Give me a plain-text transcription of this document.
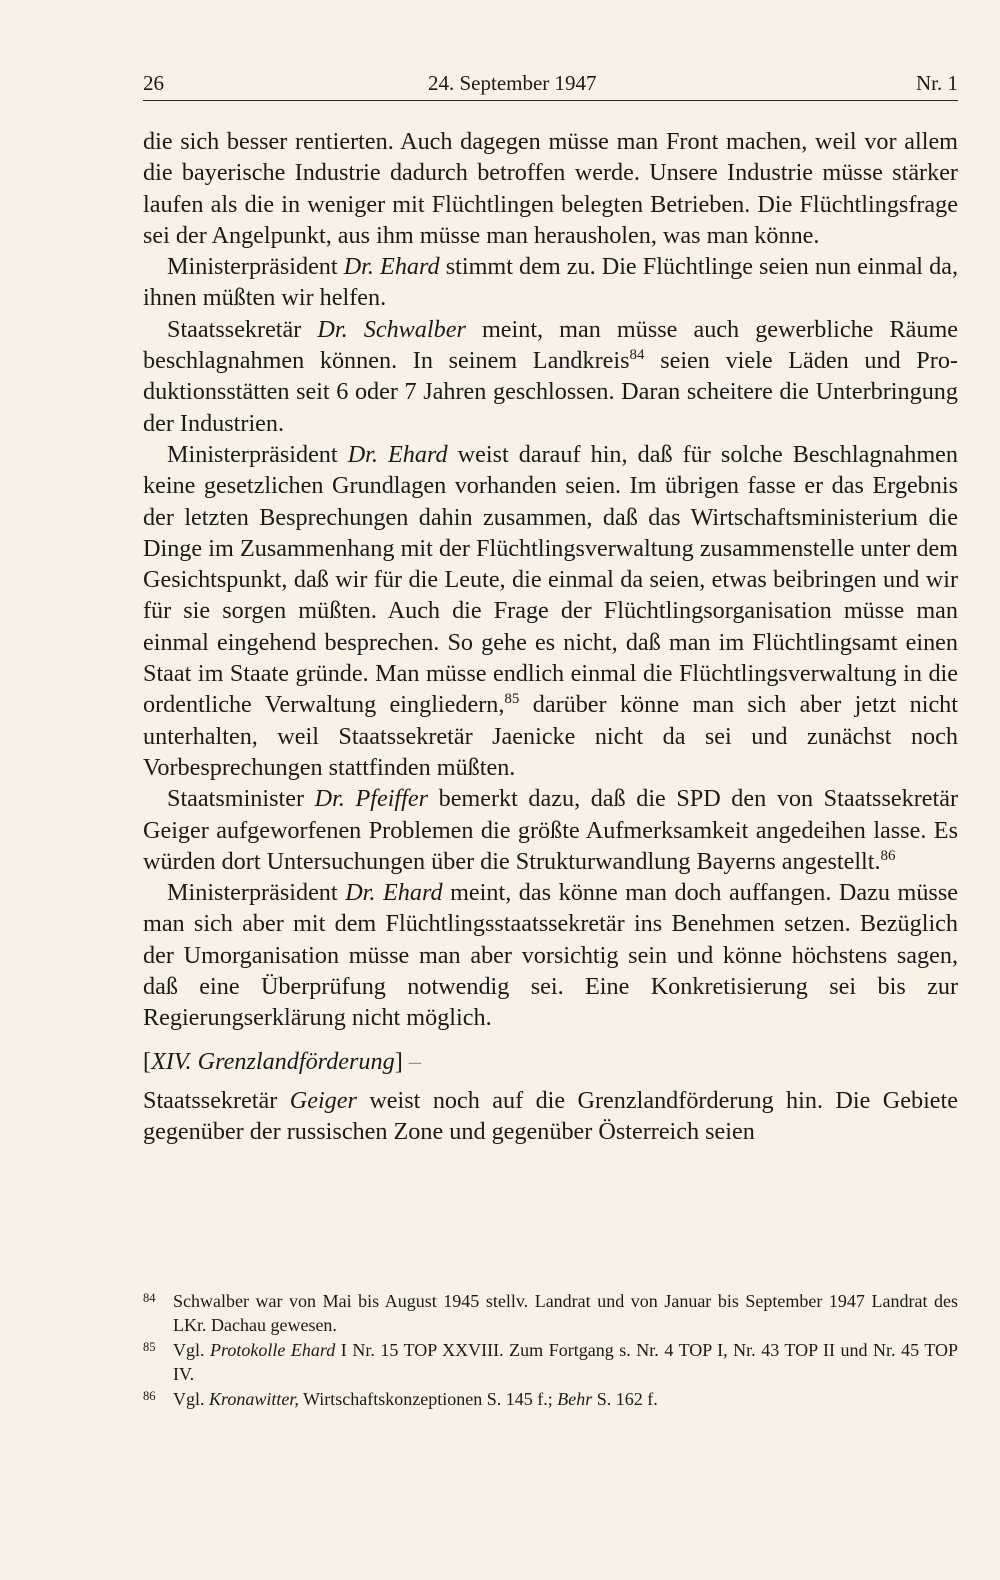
26	24. September 1947	Nr. 1

die sich besser rentierten. Auch dagegen müsse man Front machen, weil vor allem die bayerische Industrie dadurch betroffen werde. Unsere Industrie müsse stärker laufen als die in weniger mit Flüchtlingen belegten Betrieben. Die Flüchtlingsfrage sei der Angelpunkt, aus ihm müsse man herausholen, was man könne.

Ministerpräsident Dr. Ehard stimmt dem zu. Die Flüchtlinge seien nun einmal da, ihnen müßten wir helfen.

Staatssekretär Dr. Schwalber meint, man müsse auch gewerbliche Räume beschlagnahmen können. In seinem Landkreis$^{84}$ seien viele Läden und Produktionsstätten seit 6 oder 7 Jahren geschlossen. Daran scheitere die Unterbringung der Industrien.

Ministerpräsident Dr. Ehard weist darauf hin, daß für solche Beschlagnahmen keine gesetzlichen Grundlagen vorhanden seien. Im übrigen fasse er das Ergebnis der letzten Besprechungen dahin zusammen, daß das Wirtschaftsministerium die Dinge im Zusammenhang mit der Flüchtlingsverwaltung zusammenstelle unter dem Gesichtspunkt, daß wir für die Leute, die einmal da seien, etwas beibringen und wir für sie sorgen müßten. Auch die Frage der Flüchtlingsorganisation müsse man einmal eingehend besprechen. So gehe es nicht, daß man im Flüchtlingsamt einen Staat im Staate gründe. Man müsse endlich einmal die Flüchtlingsverwaltung in die ordentliche Verwaltung eingliedern,$^{85}$ darüber könne man sich aber jetzt nicht unterhalten, weil Staatssekretär Jaenicke nicht da sei und zunächst noch Vorbesprechungen stattfinden müßten.

Staatsminister Dr. Pfeiffer bemerkt dazu, daß die SPD den von Staatssekretär Geiger aufgeworfenen Problemen die größte Aufmerksamkeit angedeihen lasse. Es würden dort Untersuchungen über die Strukturwandlung Bayerns angestellt.$^{86}$

Ministerpräsident Dr. Ehard meint, das könne man doch auffangen. Dazu müsse man sich aber mit dem Flüchtlingsstaatssekretär ins Benehmen setzen. Bezüglich der Umorganisation müsse man aber vorsichtig sein und könne höchstens sagen, daß eine Überprüfung notwendig sei. Eine Konkretisierung sei bis zur Regierungserklärung nicht möglich.

[XIV. Grenzlandförderung] –

Staatssekretär Geiger weist noch auf die Grenzlandförderung hin. Die Gebiete gegenüber der russischen Zone und gegenüber Österreich seien

84 Schwalber war von Mai bis August 1945 stellv. Landrat und von Januar bis September 1947 Landrat des LKr. Dachau gewesen.
85 Vgl. Protokolle Ehard I Nr. 15 TOP XXVIII. Zum Fortgang s. Nr. 4 TOP I, Nr. 43 TOP II und Nr. 45 TOP IV.
86 Vgl. Kronawitter, Wirtschaftskonzeptionen S. 145 f.; Behr S. 162 f.
